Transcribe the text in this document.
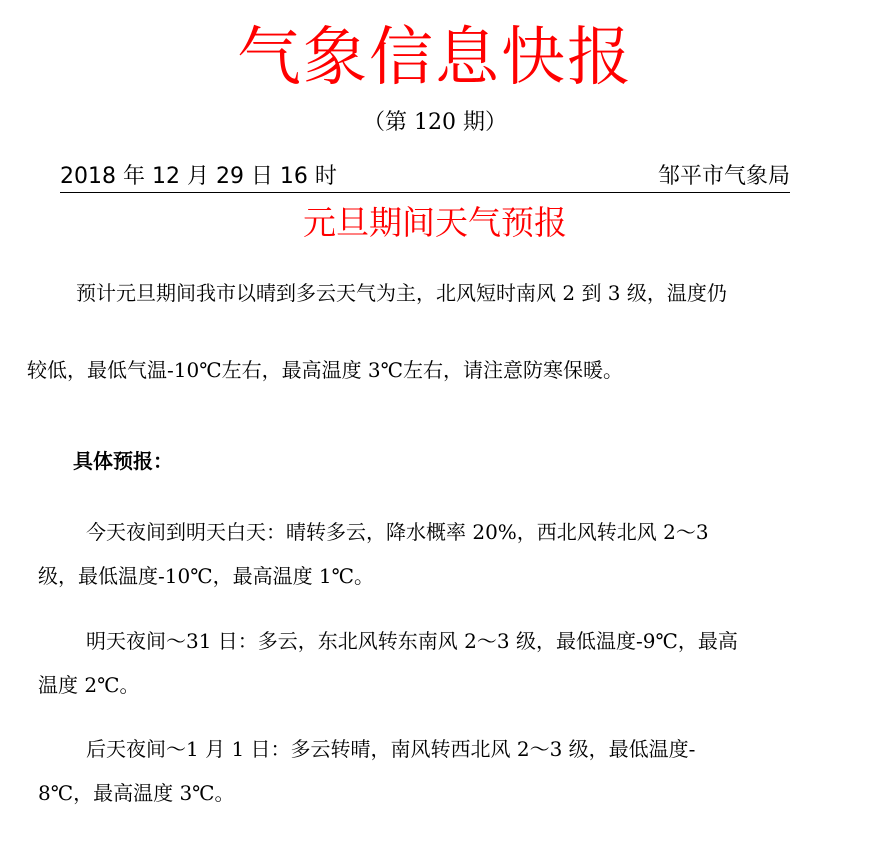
气象信息快报
（第 120 期）
2018 年 12 月 29 日 16 时	邹平市气象局
元旦期间天气预报
预计元旦期间我市以晴到多云天气为主，北风短时南风 2 到 3 级，温度仍
较低，最低气温-10℃左右，最高温度 3℃左右，请注意防寒保暖。
具体预报：
今天夜间到明天白天：晴转多云，降水概率 20%，西北风转北风 2～3
级，最低温度-10℃，最高温度 1℃。
明天夜间～31 日：多云，东北风转东南风 2～3 级，最低温度-9℃，最高
温度 2℃。
后天夜间～1 月 1 日：多云转晴，南风转西北风 2～3 级，最低温度-
8℃，最高温度 3℃。
